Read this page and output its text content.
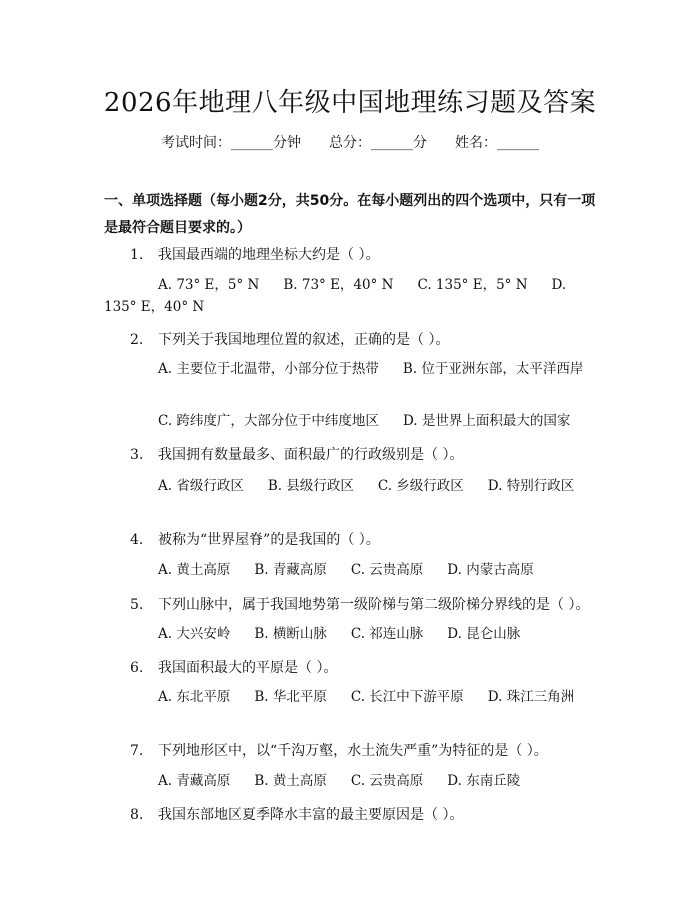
2026年地理八年级中国地理练习题及答案
考试时间：______分钟 总分：______分 姓名：______
一、单项选择题（每小题2分，共50分。在每小题列出的四个选项中，只有一项是最符合题目要求的。）
1. 我国最西端的地理坐标大约是（ ）。
A. 73° E，5° N B. 73° E，40° N C. 135° E，5° N D. 135° E，40° N
2. 下列关于我国地理位置的叙述，正确的是（ ）。
A. 主要位于北温带，小部分位于热带 B. 位于亚洲东部，太平洋西岸
C. 跨纬度广，大部分位于中纬度地区 D. 是世界上面积最大的国家
3. 我国拥有数量最多、面积最广的行政级别是（ ）。
A. 省级行政区 B. 县级行政区 C. 乡级行政区 D. 特别行政区
4. 被称为“世界屋脊”的是我国的（ ）。
A. 黄土高原 B. 青藏高原 C. 云贵高原 D. 内蒙古高原
5. 下列山脉中，属于我国地势第一级阶梯与第二级阶梯分界线的是（ ）。
A. 大兴安岭 B. 横断山脉 C. 祁连山脉 D. 昆仑山脉
6. 我国面积最大的平原是（ ）。
A. 东北平原 B. 华北平原 C. 长江中下游平原 D. 珠江三角洲
7. 下列地形区中，以“千沟万壑，水土流失严重”为特征的是（ ）。
A. 青藏高原 B. 黄土高原 C. 云贵高原 D. 东南丘陵
8. 我国东部地区夏季降水丰富的最主要原因是（ ）。
